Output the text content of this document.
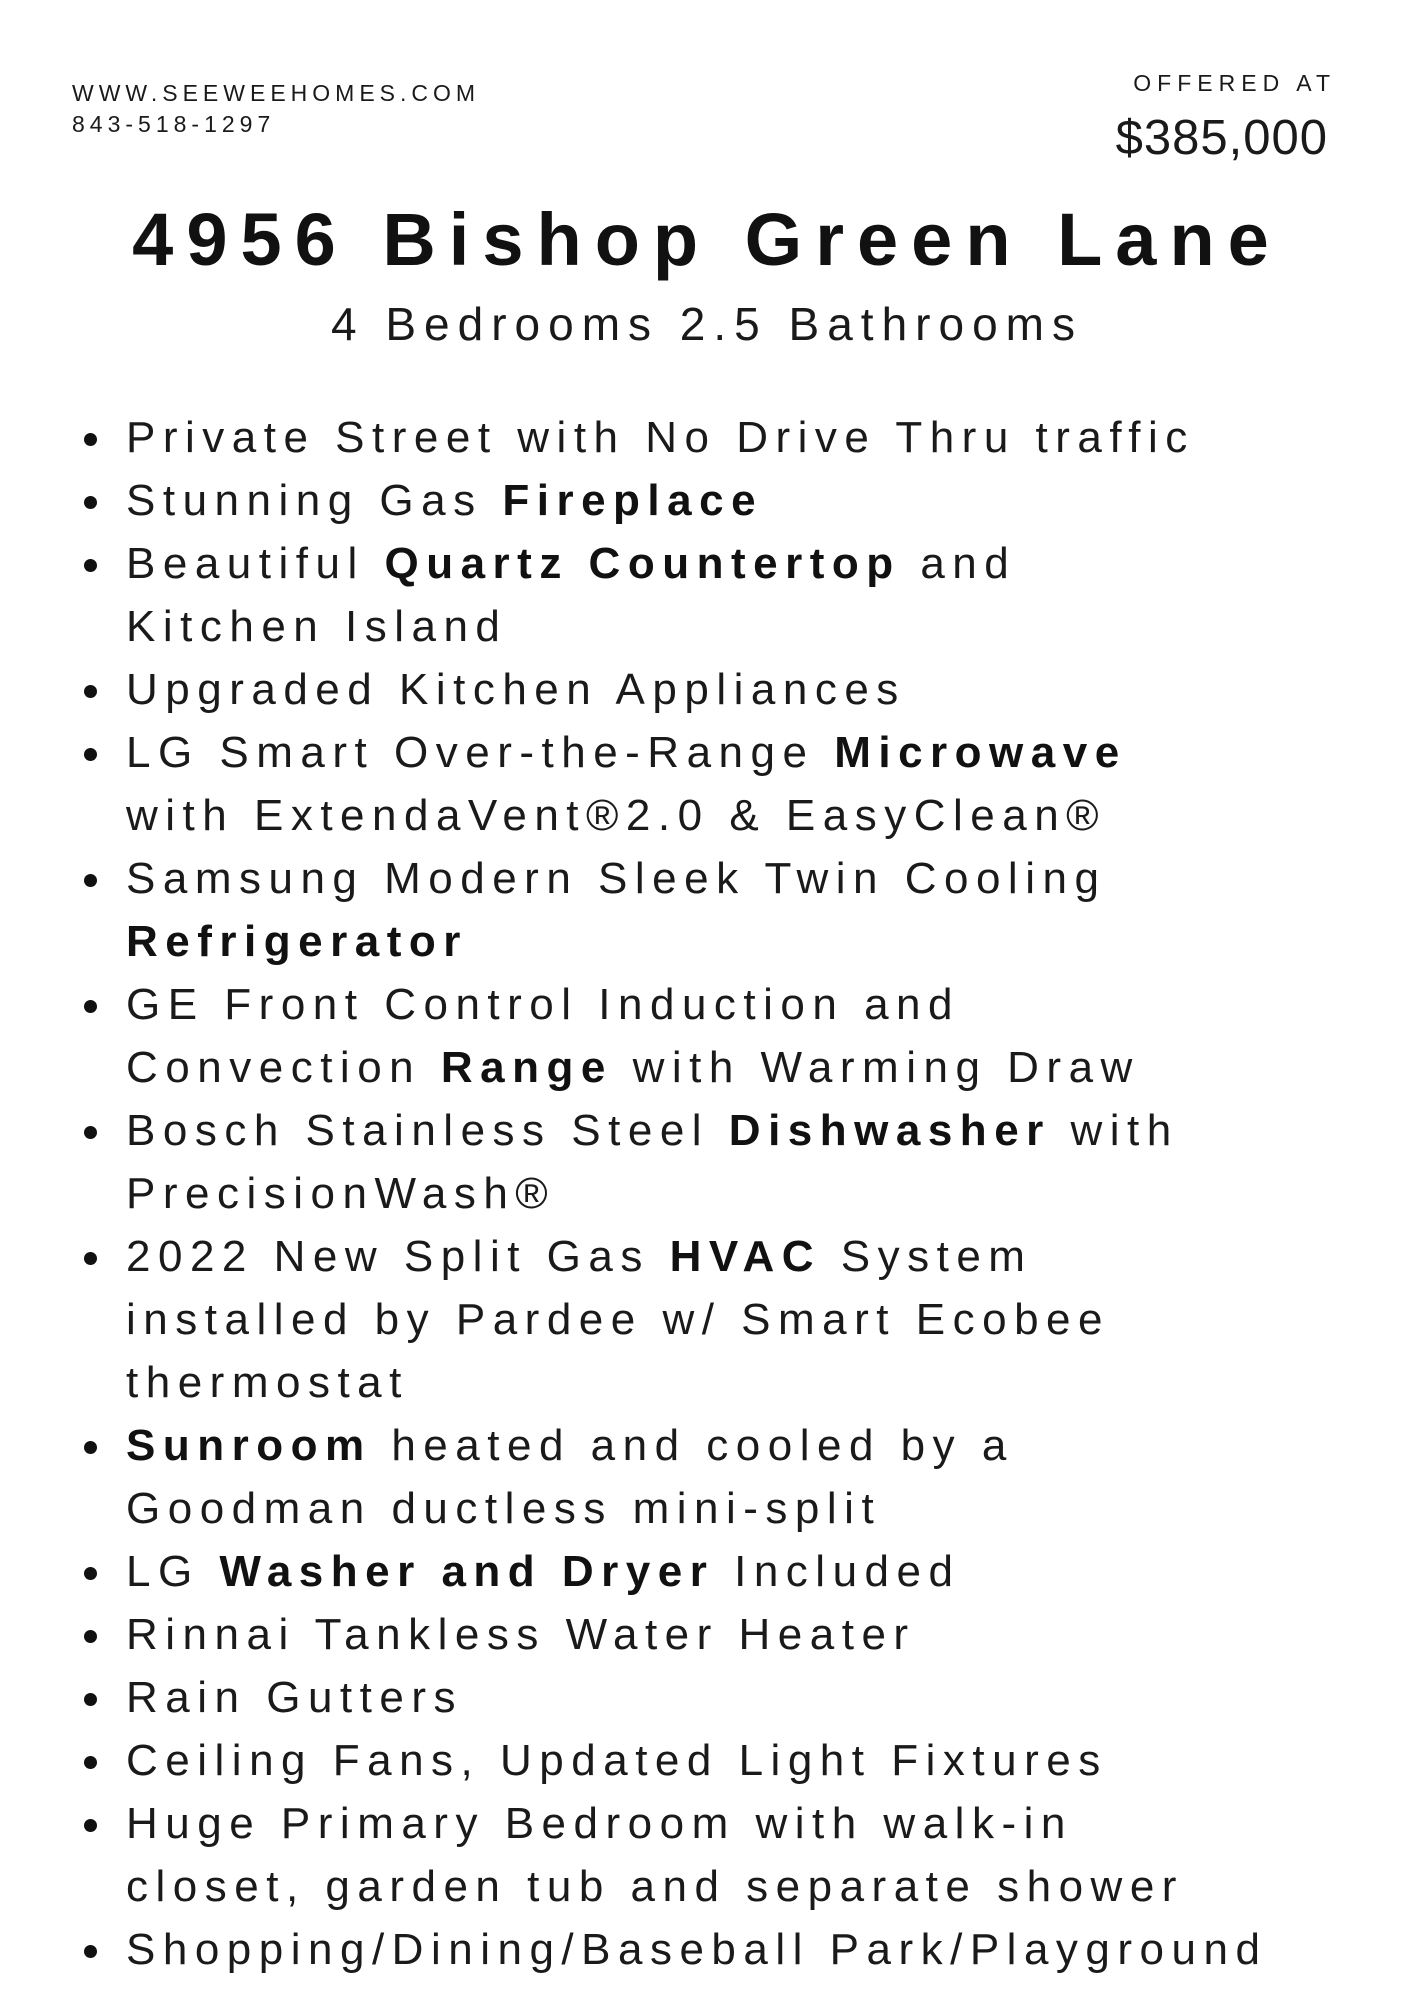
WWW.SEEWEEHOMES.COM
843-518-1297
OFFERED AT
$385,000
4956 Bishop Green Lane
4 Bedrooms 2.5 Bathrooms
Private Street with No Drive Thru traffic
Stunning Gas Fireplace
Beautiful Quartz Countertop and
Kitchen Island
Upgraded Kitchen Appliances
LG Smart Over-the-Range Microwave
with ExtendaVent®2.0 & EasyClean®
Samsung Modern Sleek Twin Cooling
Refrigerator
GE Front Control Induction and
Convection Range with Warming Draw
Bosch Stainless Steel Dishwasher with
PrecisionWash®
2022 New Split Gas HVAC System
installed by Pardee w/ Smart Ecobee
thermostat
Sunroom heated and cooled by a
Goodman ductless mini-split
LG Washer and Dryer Included
Rinnai Tankless Water Heater
Rain Gutters
Ceiling Fans, Updated Light Fixtures
Huge Primary Bedroom with walk-in
closet, garden tub and separate shower
Shopping/Dining/Baseball Park/Playground
